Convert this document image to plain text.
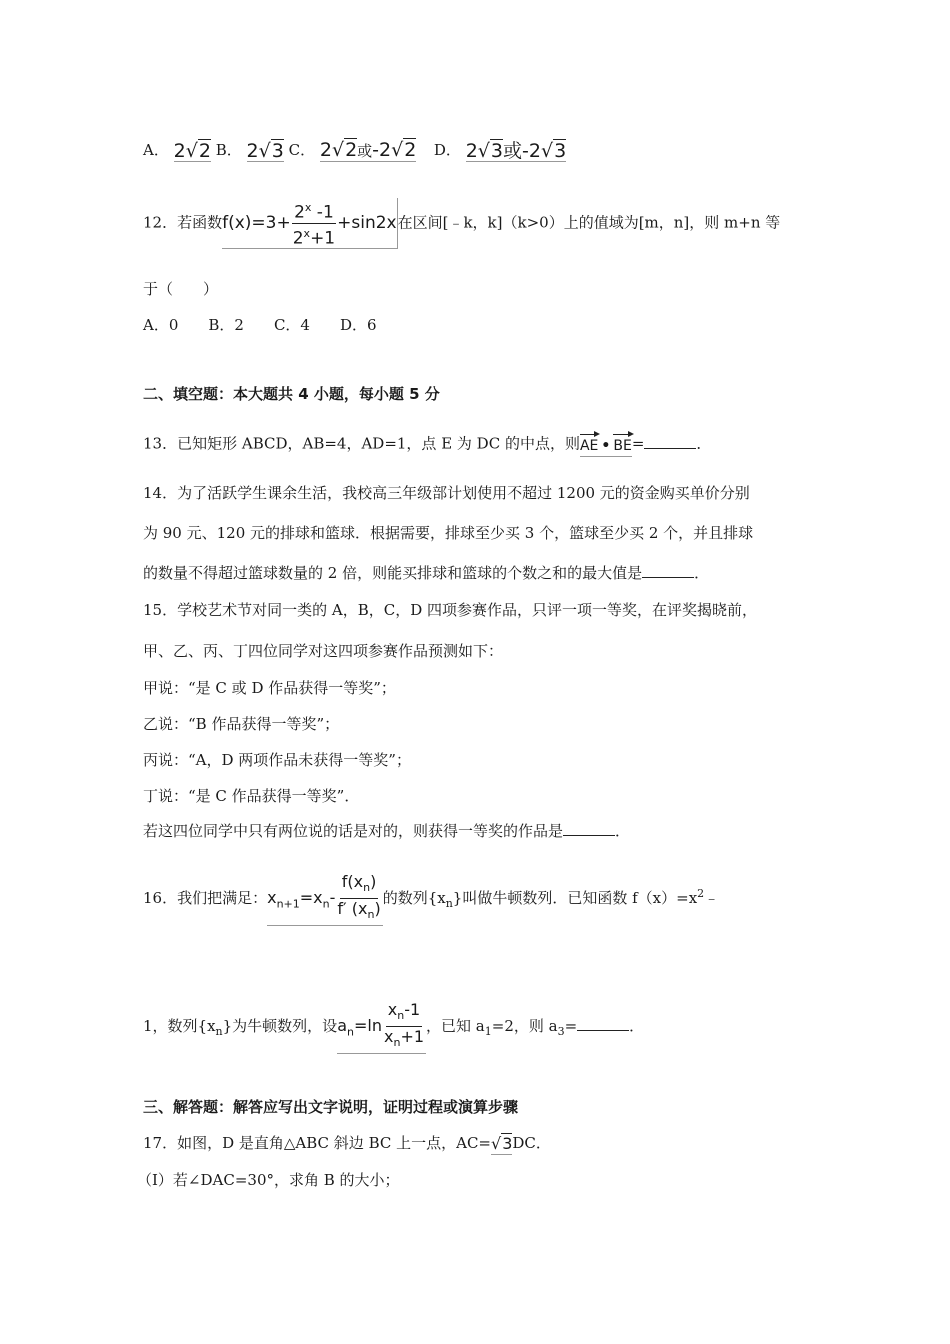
A． 2√2 B． 2√3 C． 2√2或-2√2 D． 2√3或-2√3
12．若函数$f(x)=3+ \frac{2^x -1}{2^x+1} +\sin 2x$在区间[﹣k，k]（k>0）上的值域为[m，n]，则 m+n 等
于（　　）
A．0　　B．2　　C．4　　D．6
二、填空题：本大题共 4 小题，每小题 5 分
13．已知矩形 ABCD，AB=4，AD=1，点 E 为 DC 的中点，则AE • BE=	．
14．为了活跃学生课余生活，我校高三年级部计划使用不超过 1200 元的资金购买单价分别
为 90 元、120 元的排球和篮球．根据需要，排球至少买 3 个，篮球至少买 2 个，并且排球
的数量不得超过篮球数量的 2 倍，则能买排球和篮球的个数之和的最大值是	．
15．学校艺术节对同一类的 A，B，C，D 四项参赛作品，只评一项一等奖，在评奖揭晓前，
甲、乙、丙、丁四位同学对这四项参赛作品预测如下：
甲说：“是 C 或 D 作品获得一等奖”；
乙说：“B 作品获得一等奖”；
丙说：“A，D 两项作品未获得一等奖”；
丁说：“是 C 作品获得一等奖”．
若这四位同学中只有两位说的话是对的，则获得一等奖的作品是	．
16．我们把满足：$x_{n+1}=x_n- \frac{f(x_n)}{f' (x_n)}$ 的数列$\{x_n\}$叫做牛顿数列．已知函数 $f(x)=x^2﹣$
1，数列$\{x_n\}$为牛顿数列，设$a_n=\ln \frac{x_n-1}{x_n+1}$ ，已知 $a_1=2$，则 $a_3=$	．
三、解答题：解答应写出文字说明，证明过程或演算步骤
17．如图，D 是直角△ABC 斜边 BC 上一点，AC=√3DC．
（I）若∠DAC=30°，求角 B 的大小；
